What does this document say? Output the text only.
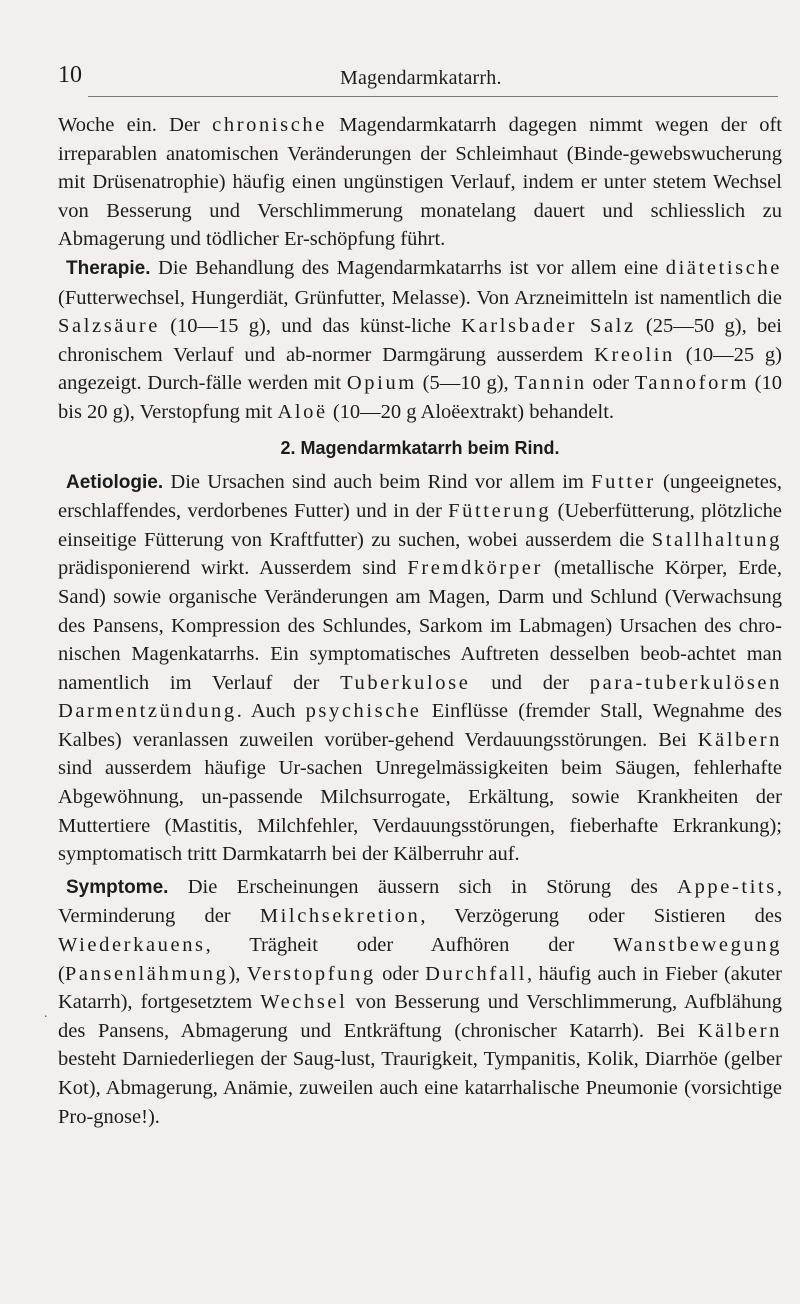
10	Magendarmkatarrh.
.

Woche ein. Der chronische Magendarmkatarrh dagegen nimmt wegen der oft irreparablen anatomischen Veränderungen der Schleimhaut (Binde-gewebswucherung mit Drüsenatrophie) häufig einen ungünstigen Verlauf, indem er unter stetem Wechsel von Besserung und Verschlimmerung monatelang dauert und schliesslich zu Abmagerung und tödlicher Er-schöpfung führt.

Therapie. Die Behandlung des Magendarmkatarrhs ist vor allem eine diätetische (Futterwechsel, Hungerdiät, Grünfutter, Melasse). Von Arzneimitteln ist namentlich die Salzsäure (10—15 g), und das künst-liche Karlsbader Salz (25—50 g), bei chronischem Verlauf und ab-normer Darmgärung ausserdem Kreolin (10—25 g) angezeigt. Durch-fälle werden mit Opium (5—10 g), Tannin oder Tannoform (10 bis 20 g), Verstopfung mit Aloë (10—20 g Aloëextrakt) behandelt.

2. Magendarmkatarrh beim Rind.

Aetiologie. Die Ursachen sind auch beim Rind vor allem im Futter (ungeeignetes, erschlaffendes, verdorbenes Futter) und in der Fütterung (Ueberfütterung, plötzliche einseitige Fütterung von Kraftfutter) zu suchen, wobei ausserdem die Stallhaltung prädisponierend wirkt. Ausserdem sind Fremdkörper (metallische Körper, Erde, Sand) sowie organische Veränderungen am Magen, Darm und Schlund (Verwachsung des Pansens, Kompression des Schlundes, Sarkom im Labmagen) Ursachen des chro-nischen Magenkatarrhs. Ein symptomatisches Auftreten desselben beob-achtet man namentlich im Verlauf der Tuberkulose und der para-tuberkulösen Darmentzündung. Auch psychische Einflüsse (fremder Stall, Wegnahme des Kalbes) veranlassen zuweilen vorüber-gehend Verdauungsstörungen. Bei Kälbern sind ausserdem häufige Ur-sachen Unregelmässigkeiten beim Säugen, fehlerhafte Abgewöhnung, un-passende Milchsurrogate, Erkältung, sowie Krankheiten der Muttertiere (Mastitis, Milchfehler, Verdauungsstörungen, fieberhafte Erkrankung); symptomatisch tritt Darmkatarrh bei der Kälberruhr auf.

Symptome. Die Erscheinungen äussern sich in Störung des Appe-tits, Verminderung der Milchsekretion, Verzögerung oder Sistieren des Wiederkauens, Trägheit oder Aufhören der Wanstbewegung (Pansenlähmung), Verstopfung oder Durchfall, häufig auch in Fieber (akuter Katarrh), fortgesetztem Wechsel von Besserung und Verschlimmerung, Aufblähung des Pansens, Abmagerung und Entkräftung (chronischer Katarrh). Bei Kälbern besteht Darniederliegen der Saug-lust, Traurigkeit, Tympanitis, Kolik, Diarrhöe (gelber Kot), Abmagerung, Anämie, zuweilen auch eine katarrhalische Pneumonie (vorsichtige Pro-gnose!).
